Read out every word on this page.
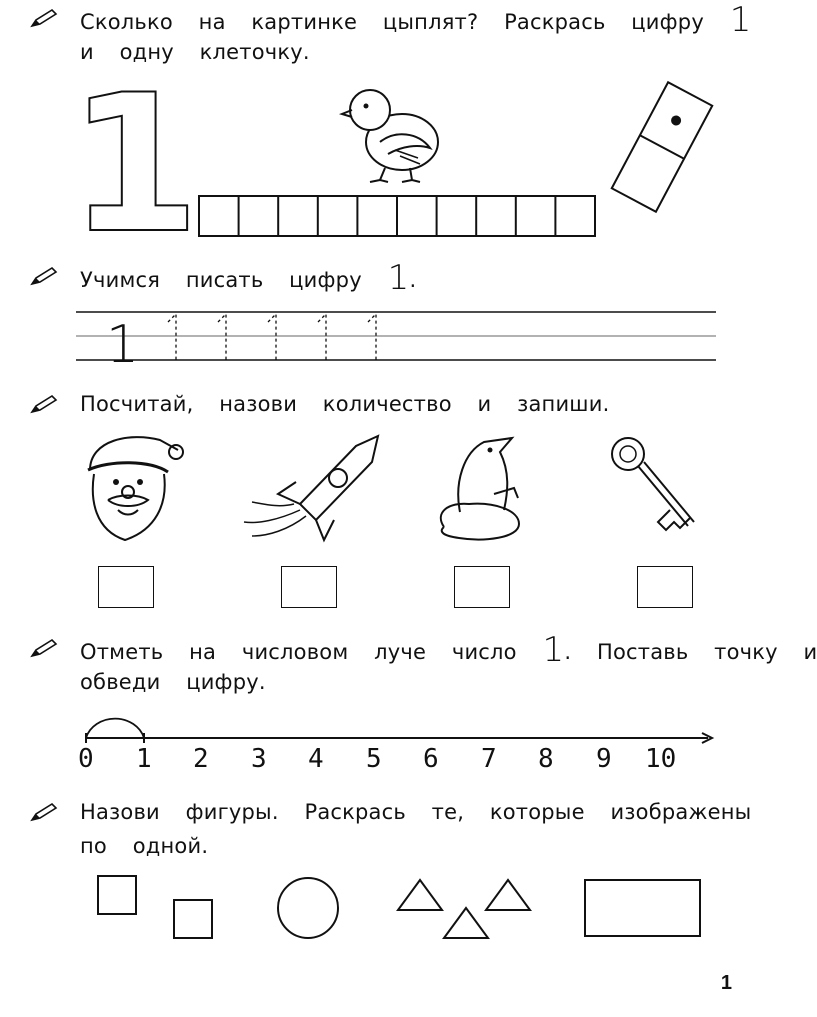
Сколько  на  картинке  цыплят?  Раскрась  цифру 1
и  одну  клеточку.
1
Учимся  писать  цифру 1.
1
Посчитай,  назови  количество  и  запиши.
Отметь  на  числовом  луче  число 1.  Поставь  точку  и
обведи  цифру.
0 1 2 3 4 5 6 7 8 9 10
Назови  фигуры.  Раскрась  те,  которые  изображены
по  одной.
1
